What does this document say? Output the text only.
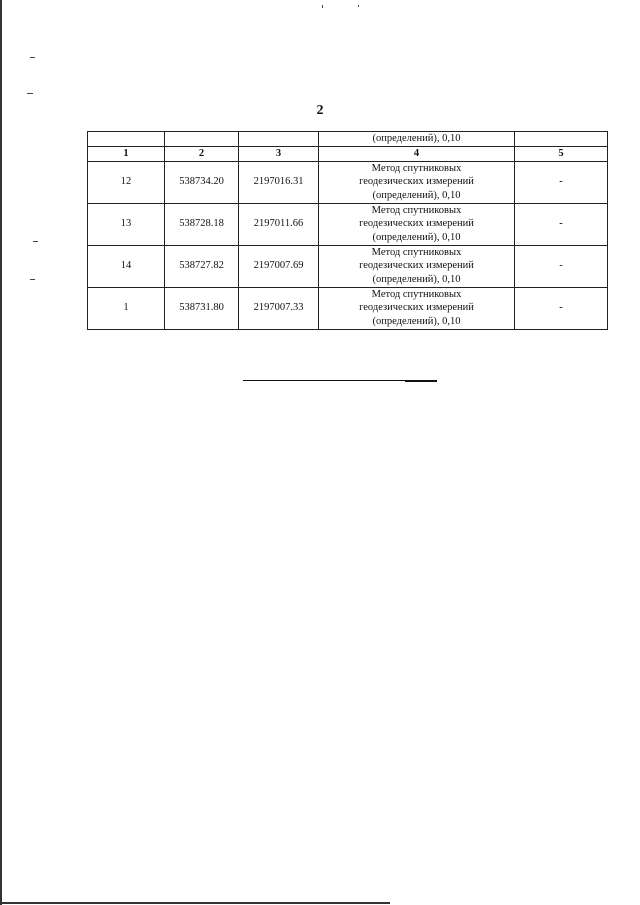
2
			(определений), 0,10	
1	2	3	4	5
12	538734.20	2197016.31	Метод спутниковых
геодезических измерений
(определений), 0,10	-
13	538728.18	2197011.66	Метод спутниковых
геодезических измерений
(определений), 0,10	-
14	538727.82	2197007.69	Метод спутниковых
геодезических измерений
(определений), 0,10	-
1	538731.80	2197007.33	Метод спутниковых
геодезических измерений
(определений), 0,10	-
